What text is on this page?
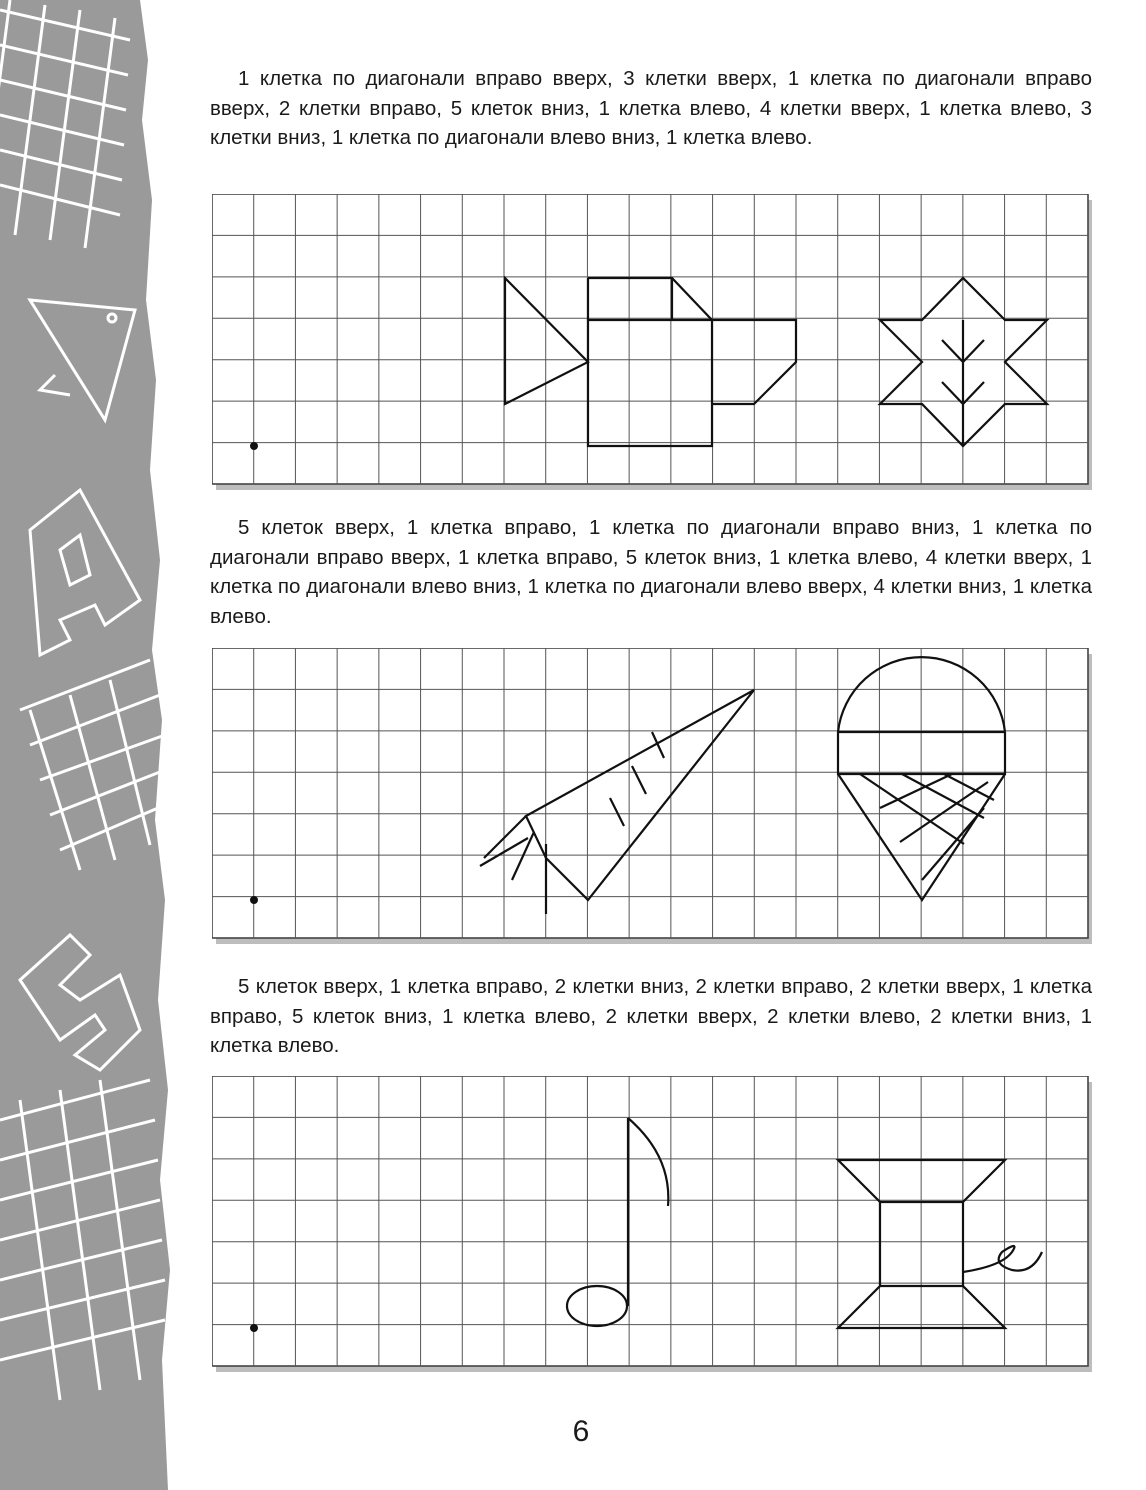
1 клетка по диагонали вправо вверх, 3 клетки вверх, 1 клетка по диагонали вправо вверх, 2 клетки вправо, 5 клеток вниз, 1 клетка влево, 4 клетки вверх, 1 клетка влево, 3 клетки вниз, 1 клетка по диагонали влево вниз, 1 клетка влево.

5 клеток вверх, 1 клетка вправо, 1 клетка по диагонали вправо вниз, 1 клетка по диагонали вправо вверх, 1 клетка вправо, 5 клеток вниз, 1 клетка влево, 4 клетки вверх, 1 клетка по диагонали влево вниз, 1 клетка по диагонали влево вверх, 4 клетки вниз, 1 клетка влево.

5 клеток вверх, 1 клетка вправо, 2 клетки вниз, 2 клетки вправо, 2 клетки вверх, 1 клетка вправо, 5 клеток вниз, 1 клетка влево, 2 клетки вверх, 2 клетки влево, 2 клетки вниз, 1 клетка влево.

6
